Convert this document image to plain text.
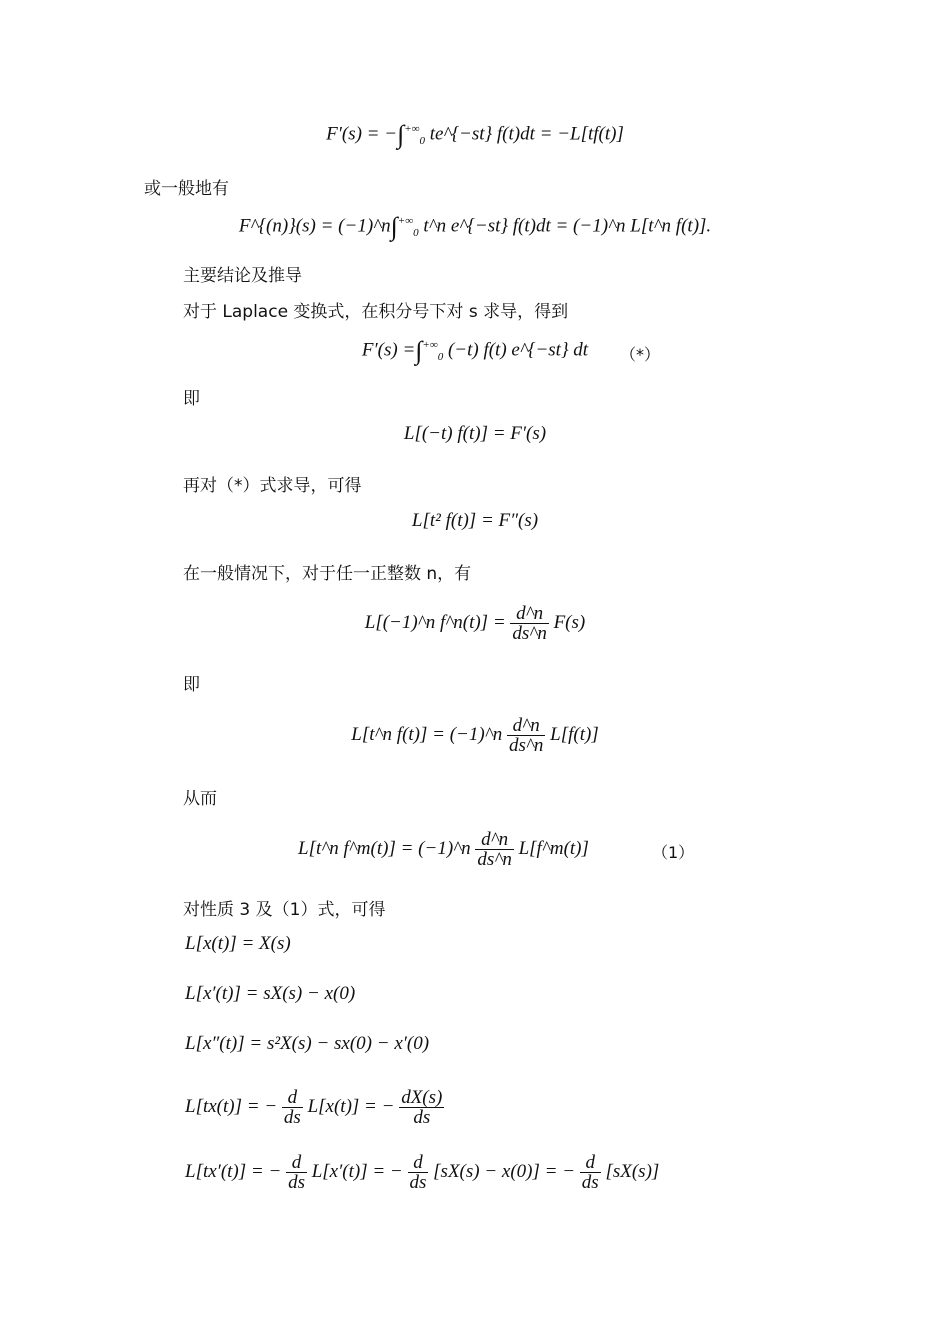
$F'(s) = -\int^{+\infty}_0$ te^{−st} f(t)dt = −L[tf(t)]
或一般地有
F^{(n)}(s) = $(-1)\^{}n\int^{+\infty}_0$ t^n e^{−st} f(t)dt = (−1)^n L[t^n f(t)].
主要结论及推导
对于 Laplace 变换式，在积分号下对 s 求导，得到
$F'(s) =\int^{+\infty}_0$ (−t) f(t) e^{−st} dt	（*）
即
L[(−t) f(t)] = F′(s)
再对（*）式求导，可得
L[t² f(t)] = F″(s)
在一般情况下，对于任一正整数 n，有
L[(−1)^n f^n(t)] = $\frac{d\^{}n}{ds\^{}n} F(s)$
即
L[t^n f(t)] = (−1)^n $\frac{d\^{}n}{ds\^{}n} L[f(t)]$
从而
L[t^n f^m(t)] = (−1)^n $\frac{d\^{}n}{ds\^{}n}$ L[f^m(t)]	（1）
对性质 3 及（1）式，可得
L[x(t)] = X(s)
L[x′(t)] = sX(s) − x(0)
L[x″(t)] = s²X(s) − sx(0) − x′(0)
L[tx(t)] = − $\frac{d}{ds} L[x(t)]$ = − $\frac{dX(s)}{ds}$
L[tx′(t)] = − $\frac{d}{ds} L[x'(t)]$ = − $\frac{d}{ds} [sX(s) - x(0)]$ = − $\frac{d}{ds} [sX(s)]$
